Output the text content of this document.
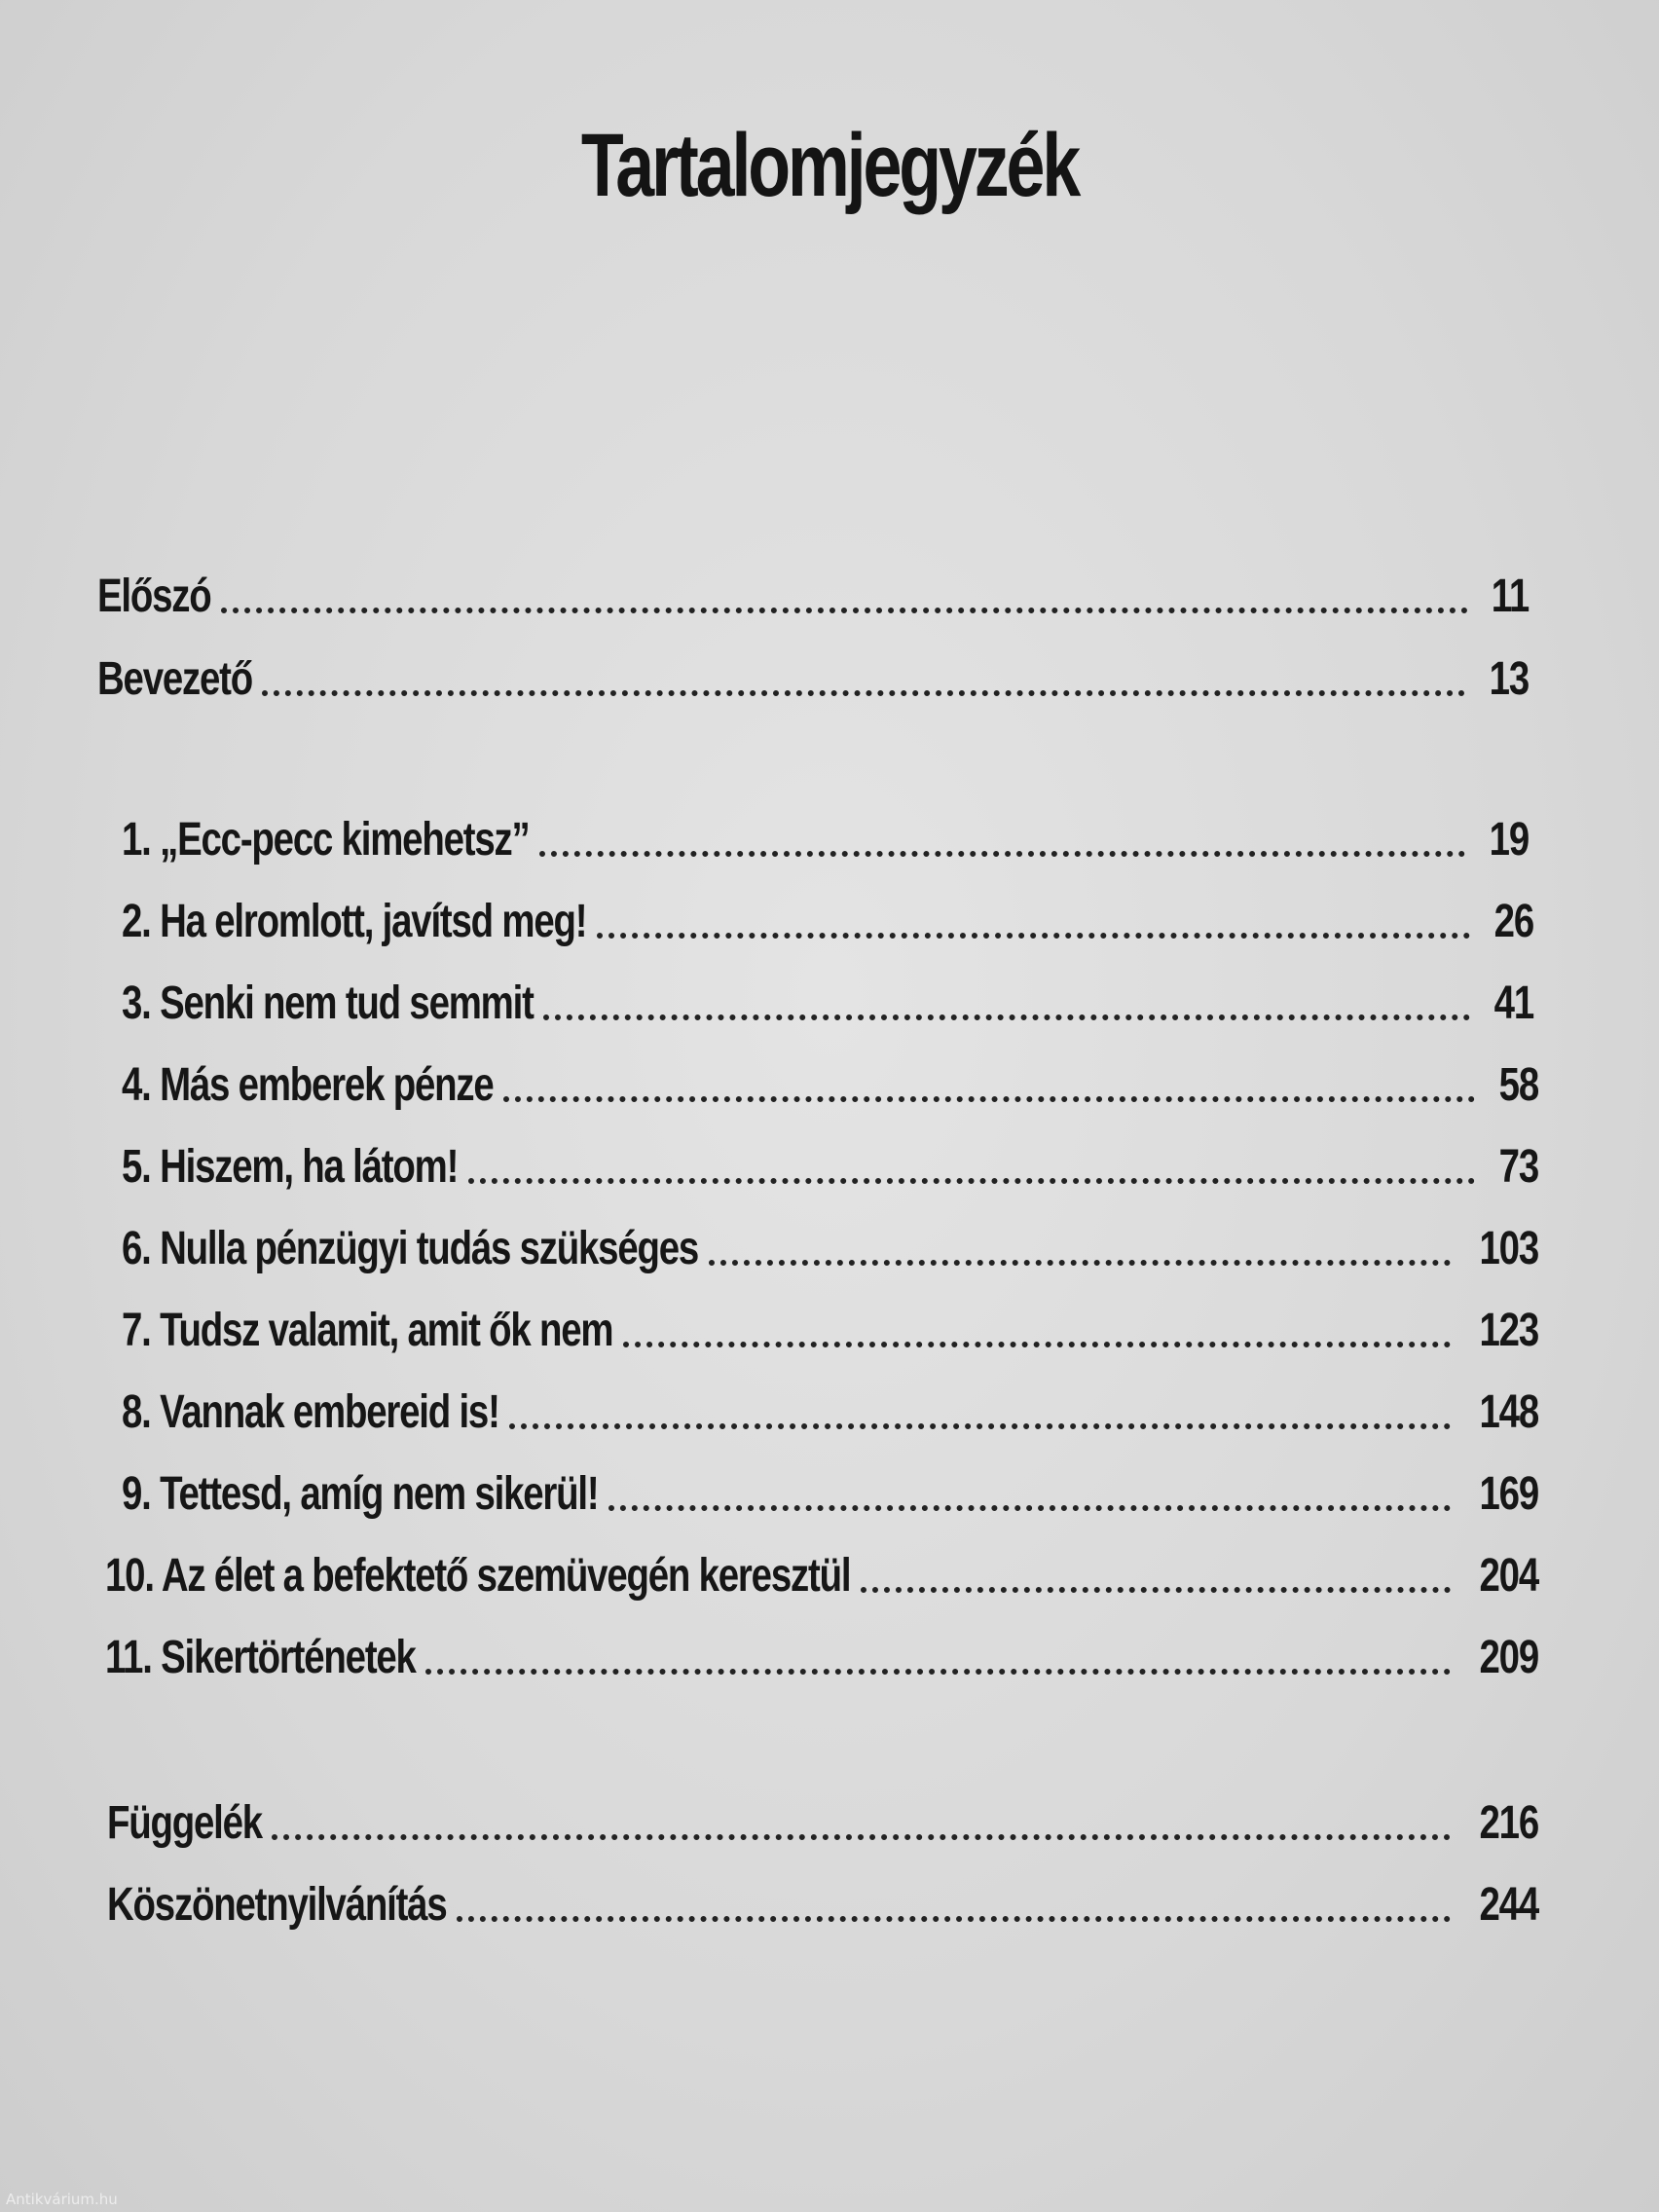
Tartalomjegyzék
Előszó	11
Bevezető	13
1. „Ecc-pecc kimehetsz”	19
2. Ha elromlott, javítsd meg!	26
3. Senki nem tud semmit	41
4. Más emberek pénze	58
5. Hiszem, ha látom!	73
6. Nulla pénzügyi tudás szükséges	103
7. Tudsz valamit, amit ők nem	123
8. Vannak embereid is!	148
9. Tettesd, amíg nem sikerül!	169
10. Az élet a befektető szemüvegén keresztül	204
11. Sikertörténetek	209
Függelék	216
Köszönetnyilvánítás	244
Antikvárium.hu
